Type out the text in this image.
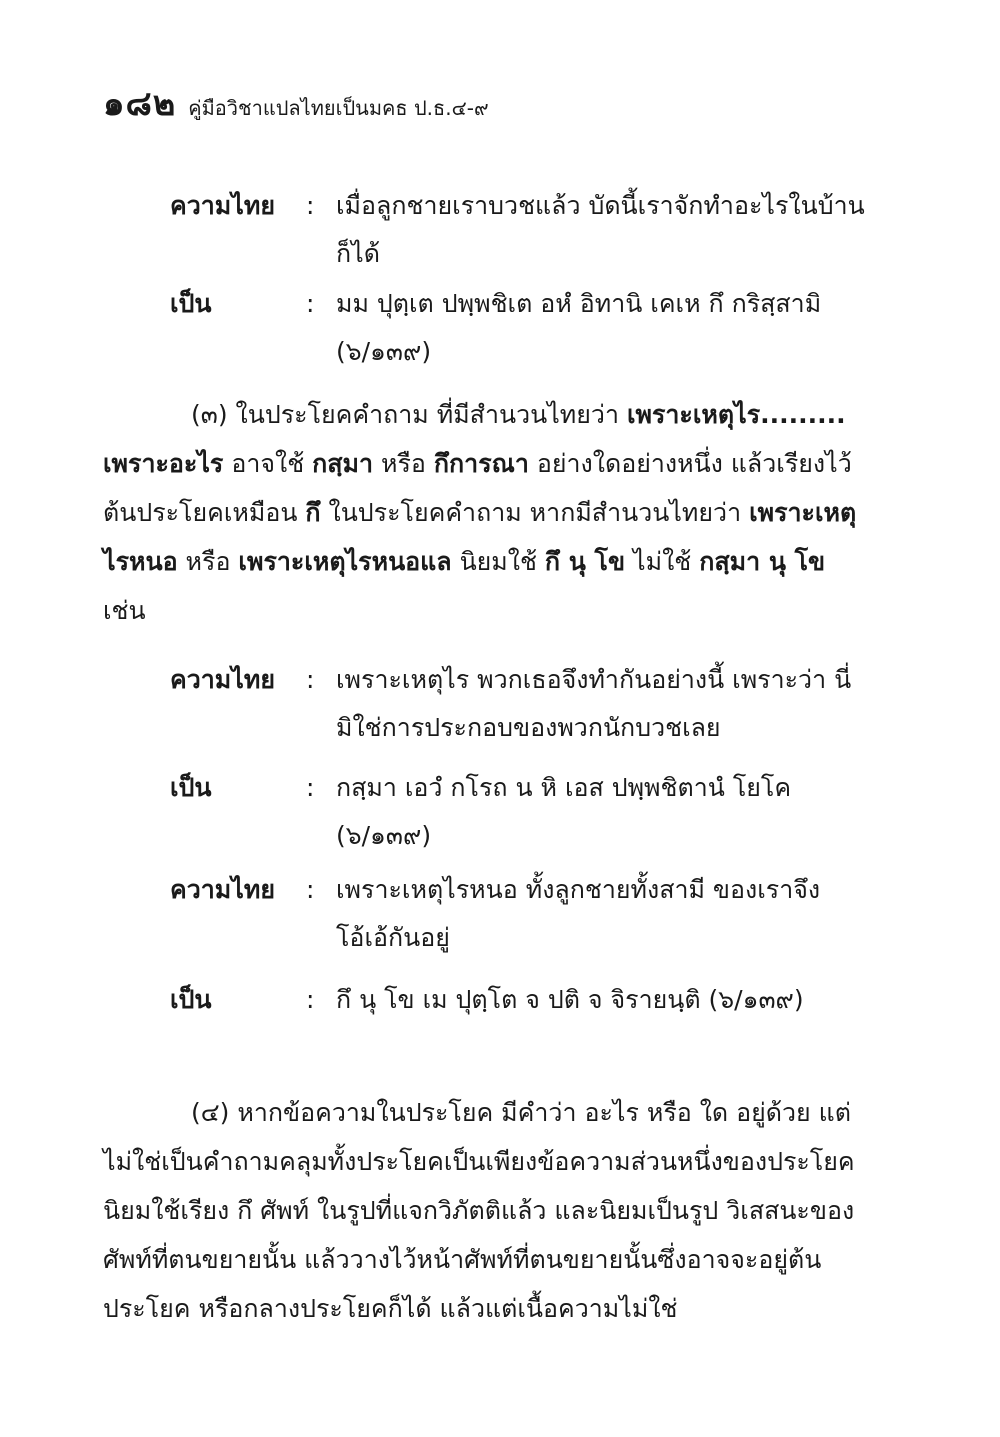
๑๘๒ คู่มือวิชาแปลไทยเป็นมคธ ป.ธ.๔-๙
ความไทย : เมื่อลูกชายเราบวชแล้ว บัดนี้เราจักทำอะไรในบ้าน ก็ได้
เป็น	: มม ปุตฺเต ปพฺพชิเต อหํ อิทานิ เคเห กึ กริสฺสามิ (๖/๑๓๙)
(๓) ในประโยคคำถาม ที่มีสำนวนไทยว่า เพราะเหตุไร......... เพราะอะไร อาจใช้ กสฺมา หรือ กึการณา อย่างใดอย่างหนึ่ง แล้วเรียงไว้ต้นประโยคเหมือน กึ ในประโยคคำถาม หากมีสำนวนไทยว่า เพราะเหตุไรหนอ หรือ เพราะเหตุไรหนอแล นิยมใช้ กึ นุ โข ไม่ใช้ กสฺมา นุ โข เช่น
ความไทย : เพราะเหตุไร พวกเธอจึงทำกันอย่างนี้ เพราะว่า นี่มิใช่การประกอบของพวกนักบวชเลย
เป็น	: กสฺมา เอวํ กโรถ น หิ เอส ปพฺพชิตานํ โยโค (๖/๑๓๙)
ความไทย : เพราะเหตุไรหนอ ทั้งลูกชายทั้งสามี ของเราจึง โอ้เอ้กันอยู่
เป็น	: กึ นุ โข เม ปุตฺโต จ ปติ จ จิรายนฺติ (๖/๑๓๙)
(๔) หากข้อความในประโยค มีคำว่า อะไร หรือ ใด อยู่ด้วย แต่ไม่ใช่เป็นคำถามคลุมทั้งประโยคเป็นเพียงข้อความส่วนหนึ่งของประโยค นิยมใช้เรียง กึ ศัพท์ ในรูปที่แจกวิภัตติแล้ว และนิยมเป็นรูป วิเสสนะของศัพท์ที่ตนขยายนั้น แล้ววางไว้หน้าศัพท์ที่ตนขยายนั้นซึ่งอาจจะอยู่ต้นประโยค หรือกลางประโยคก็ได้ แล้วแต่เนื้อความไม่ใช่
